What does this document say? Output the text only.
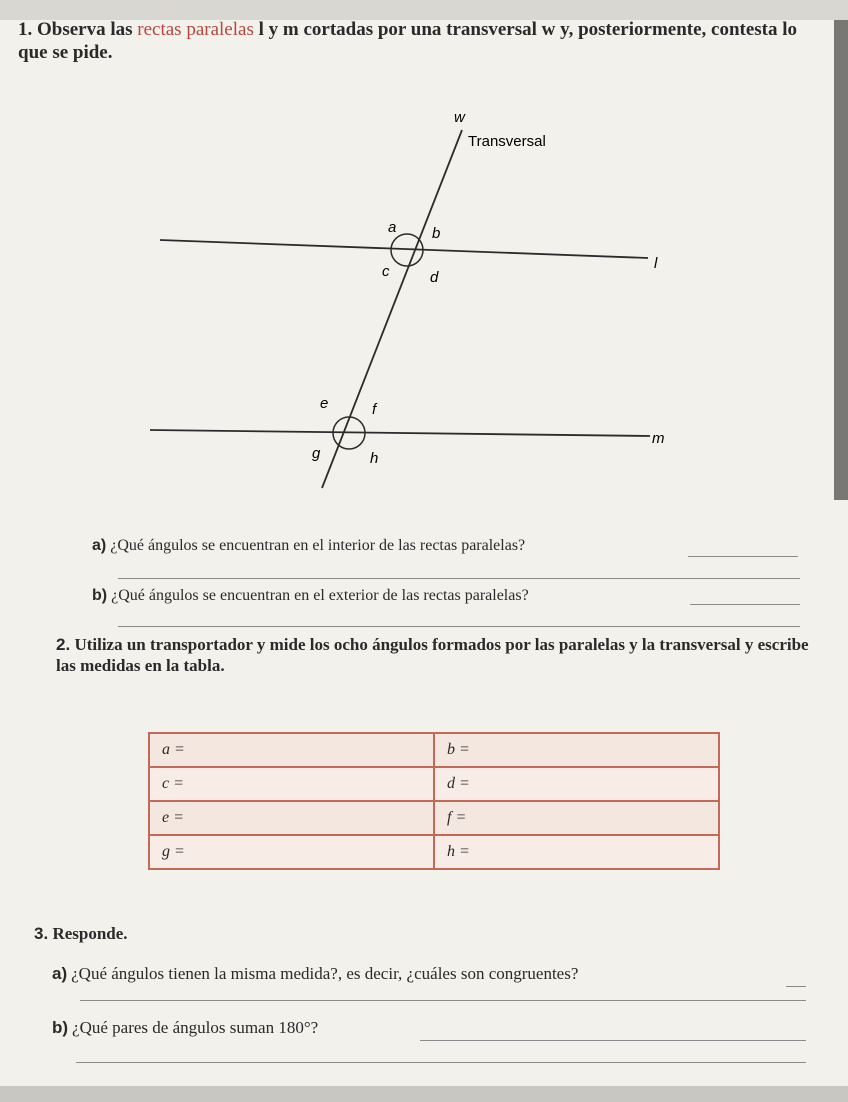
1. Observa las rectas paralelas l y m cortadas por una transversal w y, posteriormente, contesta lo que se pide.
w
Transversal
l
m
a b
c	d
e	f
g	h
a) ¿Qué ángulos se encuentran en el interior de las rectas paralelas?
b) ¿Qué ángulos se encuentran en el exterior de las rectas paralelas?
2. Utiliza un transportador y mide los ocho ángulos formados por las paralelas y la transversal y escribe las medidas en la tabla.
a =	b =
c =	d =
e =	f =
g =	h =
3. Responde.
a) ¿Qué ángulos tienen la misma medida?, es decir, ¿cuáles son congruentes?
b) ¿Qué pares de ángulos suman 180°?
